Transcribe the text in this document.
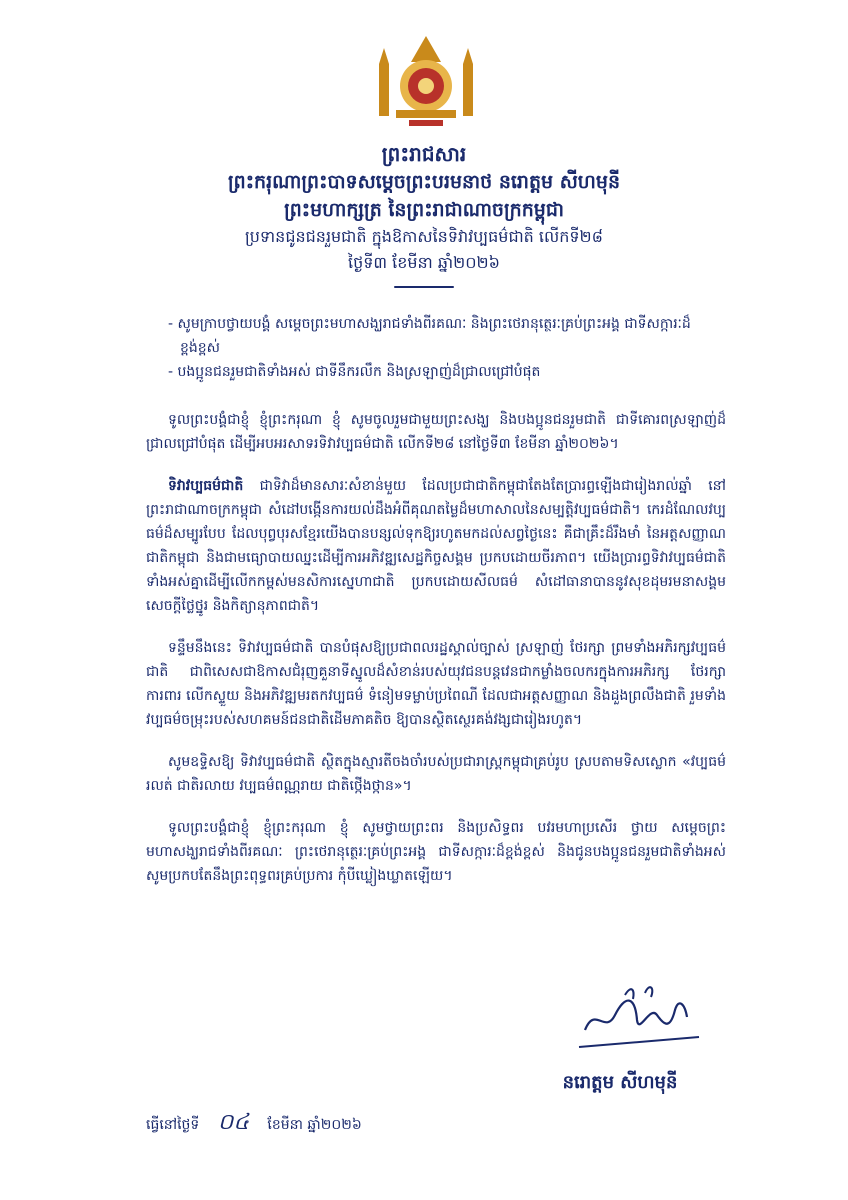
ព្រះរាជសារ
ព្រះករុណាព្រះបាទសម្តេចព្រះបរមនាថ នរោត្តម សីហមុនី
ព្រះមហាក្សត្រ នៃព្រះរាជាណាចក្រកម្ពុជា
ប្រទានជូនជនរួមជាតិ ក្នុងឱកាសនៃទិវាវប្បធម៌ជាតិ លើកទី២៨
ថ្ងៃទី៣ ខែមីនា ឆ្នាំ២០២៦
- សូមក្រាបថ្វាយបង្គំ សម្តេចព្រះមហាសង្ឃរាជទាំងពីរគណៈ និងព្រះថេរានុត្ថេរៈគ្រប់ព្រះអង្គ ជាទីសក្ការៈដ៏ខ្ពង់ខ្ពស់
- បងប្អូនជនរួមជាតិទាំងអស់ ជាទីនឹករលឹក និងស្រឡាញ់ដ៏ជ្រាលជ្រៅបំផុត

ទូលព្រះបង្គំជាខ្ញុំ ខ្ញុំព្រះករុណា ខ្ញុំ សូមចូលរួមជាមួយព្រះសង្ឃ និងបងប្អូនជនរួមជាតិ ជាទីគោរពស្រឡាញ់ដ៏ជ្រាលជ្រៅបំផុត ដើម្បីអបអរសាទរទិវាវប្បធម៌ជាតិ លើកទី២៨ នៅថ្ងៃទី៣ ខែមីនា ឆ្នាំ២០២៦។

ទិវាវប្បធម៌ជាតិ ជាទិវាដ៏មានសារៈសំខាន់មួយ ដែលប្រជាជាតិកម្ពុជាតែងតែប្រារព្ធឡើងជារៀងរាល់ឆ្នាំ នៅព្រះរាជាណាចក្រកម្ពុជា សំដៅបង្កើនការយល់ដឹងអំពីគុណតម្លៃដ៏មហាសាលនៃសម្បត្តិវប្បធម៌ជាតិ។ កេរដំណែលវប្បធម៌ដ៏សម្បូរបែប ដែលបុព្វបុរសខ្មែរយើងបានបន្សល់ទុកឱ្យរហូតមកដល់សព្វថ្ងៃនេះ គឺជាគ្រឹះដ៏រឹងមាំ នៃអត្តសញ្ញាណជាតិកម្ពុជា និងជាមធ្យោបាយឈ្នះដើម្បីការអភិវឌ្ឍសេដ្ឋកិច្ចសង្គម ប្រកបដោយចីរភាព។ យើងប្រារព្ធទិវាវប្បធម៌ជាតិទាំងអស់គ្នាដើម្បីលើកកម្ពស់មនសិការស្នេហាជាតិ ប្រកបដោយសីលធម៌ សំដៅធានាបាននូវសុខដុមរមនាសង្គម សេចក្តីថ្លៃថ្នូរ និងកិត្យានុភាពជាតិ។

ទន្ទឹមនឹងនេះ ទិវាវប្បធម៌ជាតិ បានបំផុសឱ្យប្រជាពលរដ្ឋស្គាល់ច្បាស់ ស្រឡាញ់ ថែរក្សា ព្រមទាំងអភិរក្សវប្បធម៌ជាតិ ជាពិសេសជាឱកាសជំរុញគួនាទីស្នូលដ៏សំខាន់របស់យុវជនបន្តវេនជាកម្លាំងចលករក្នុងការអភិរក្ស ថែរក្សា ការពារ លើកស្ទួយ និងអភិវឌ្ឍមរតកវប្បធម៌ ទំនៀមទម្លាប់ប្រពៃណី ដែលជាអត្តសញ្ញាណ និងដួងព្រលឹងជាតិ រួមទាំងវប្បធម៌ចម្រុះរបស់សហគមន៍ជនជាតិដើមភាគតិច ឱ្យបានស្ថិតស្ថេរគង់វង្សជារៀងរហូត។

សូមឧទ្ទិសឱ្យ ទិវាវប្បធម៌ជាតិ ស្ថិតក្នុងស្មារតីចងចាំរបស់ប្រជារាស្ត្រកម្ពុជាគ្រប់រូប ស្របតាមទិសស្លោក «វប្បធម៌រលត់ ជាតិរលាយ វប្បធម៌ពណ្ណរាយ ជាតិថ្កើងថ្កាន»។

ទូលព្រះបង្គំជាខ្ញុំ ខ្ញុំព្រះករុណា ខ្ញុំ សូមថ្វាយព្រះពរ និងប្រសិទ្ធពរ បវរមហាប្រសើរ ថ្វាយ សម្តេចព្រះមហាសង្ឃរាជទាំងពីរគណៈ ព្រះថេរានុត្ថេរៈគ្រប់ព្រះអង្គ ជាទីសក្ការៈដ៏ខ្ពង់ខ្ពស់ និងជូនបងប្អូនជនរួមជាតិទាំងអស់ សូមប្រកបតែនឹងព្រះពុទ្ធពរគ្រប់ប្រការ កុំបីឃ្លៀងឃ្លាតឡើយ។

នរោត្តម សីហមុនី
ធ្វើនៅថ្ងៃទី ០៤ ខែមីនា ឆ្នាំ២០២៦
